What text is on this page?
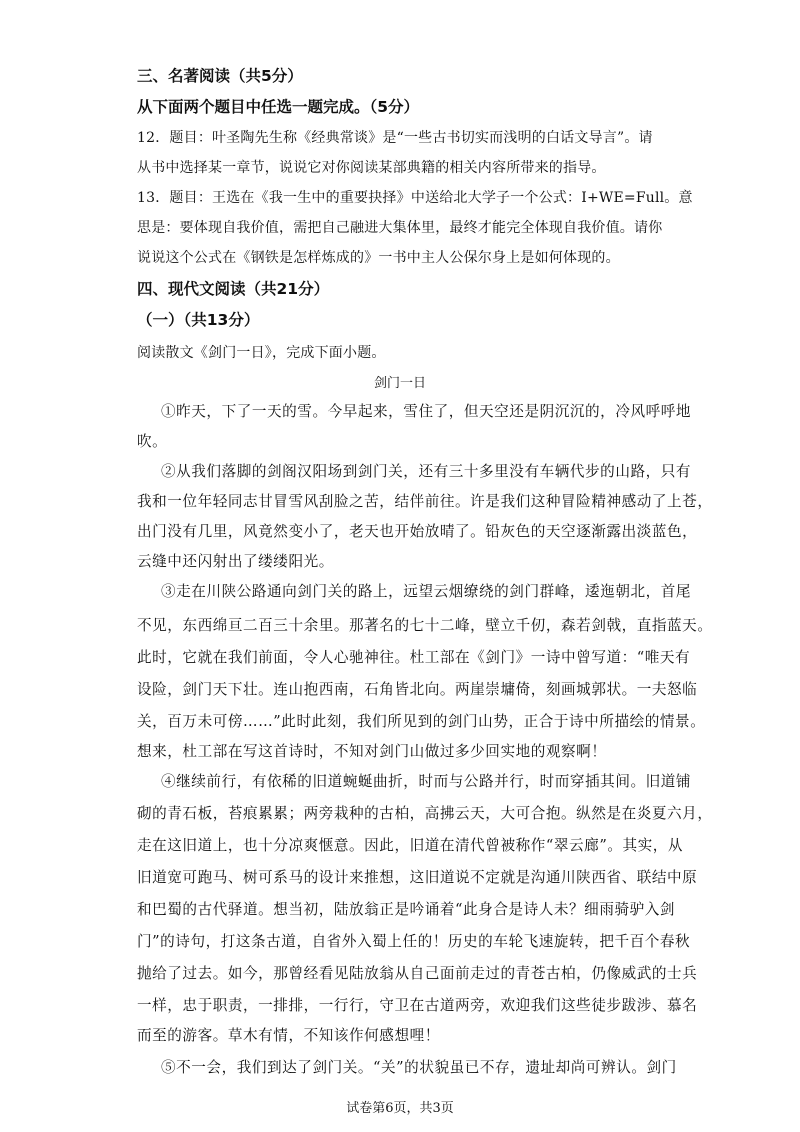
三、名著阅读（共5分）
从下面两个题目中任选一题完成。（5分）
12．题目：叶圣陶先生称《经典常谈》是“一些古书切实而浅明的白话文导言”。请
从书中选择某一章节，说说它对你阅读某部典籍的相关内容所带来的指导。
13．题目：王选在《我一生中的重要抉择》中送给北大学子一个公式：I+WE=Full。意
思是：要体现自我价值，需把自己融进大集体里，最终才能完全体现自我价值。请你
说说这个公式在《钢铁是怎样炼成的》一书中主人公保尔身上是如何体现的。
四、现代文阅读（共21分）
（一）（共13分）
阅读散文《剑门一日》，完成下面小题。
剑门一日
①昨天，下了一天的雪。今早起来，雪住了，但天空还是阴沉沉的，冷风呼呼地
吹。
②从我们落脚的剑阁汉阳场到剑门关，还有三十多里没有车辆代步的山路，只有
我和一位年轻同志甘冒雪风刮脸之苦，结伴前往。许是我们这种冒险精神感动了上苍，
出门没有几里，风竟然变小了，老天也开始放晴了。铅灰色的天空逐渐露出淡蓝色，
云缝中还闪射出了缕缕阳光。
③走在川陕公路通向剑门关的路上，远望云烟缭绕的剑门群峰，逶迤朝北，首尾
不见，东西绵亘二百三十余里。那著名的七十二峰，壁立千仞，森若剑戟，直指蓝天。
此时，它就在我们前面，令人心驰神往。杜工部在《剑门》一诗中曾写道：“唯天有
设险，剑门天下壮。连山抱西南，石角皆北向。两崖崇墉倚，刻画城郭状。一夫怒临
关，百万未可傍……”此时此刻，我们所见到的剑门山势，正合于诗中所描绘的情景。
想来，杜工部在写这首诗时，不知对剑门山做过多少回实地的观察啊！
④继续前行，有依稀的旧道蜿蜒曲折，时而与公路并行，时而穿插其间。旧道铺
砌的青石板，苔痕累累；两旁栽种的古柏，高拂云天，大可合抱。纵然是在炎夏六月，
走在这旧道上，也十分凉爽惬意。因此，旧道在清代曾被称作“翠云廊”。其实，从
旧道宽可跑马、树可系马的设计来推想，这旧道说不定就是沟通川陕西省、联结中原
和巴蜀的古代驿道。想当初，陆放翁正是吟诵着“此身合是诗人未？细雨骑驴入剑
门”的诗句，打这条古道，自省外入蜀上任的！历史的车轮飞速旋转，把千百个春秋
抛给了过去。如今，那曾经看见陆放翁从自己面前走过的青苍古柏，仍像威武的士兵
一样，忠于职责，一排排，一行行，守卫在古道两旁，欢迎我们这些徒步跋涉、慕名
而至的游客。草木有情，不知该作何感想哩！
⑤不一会，我们到达了剑门关。“关”的状貌虽已不存，遗址却尚可辨认。剑门
试卷第6页，共3页
